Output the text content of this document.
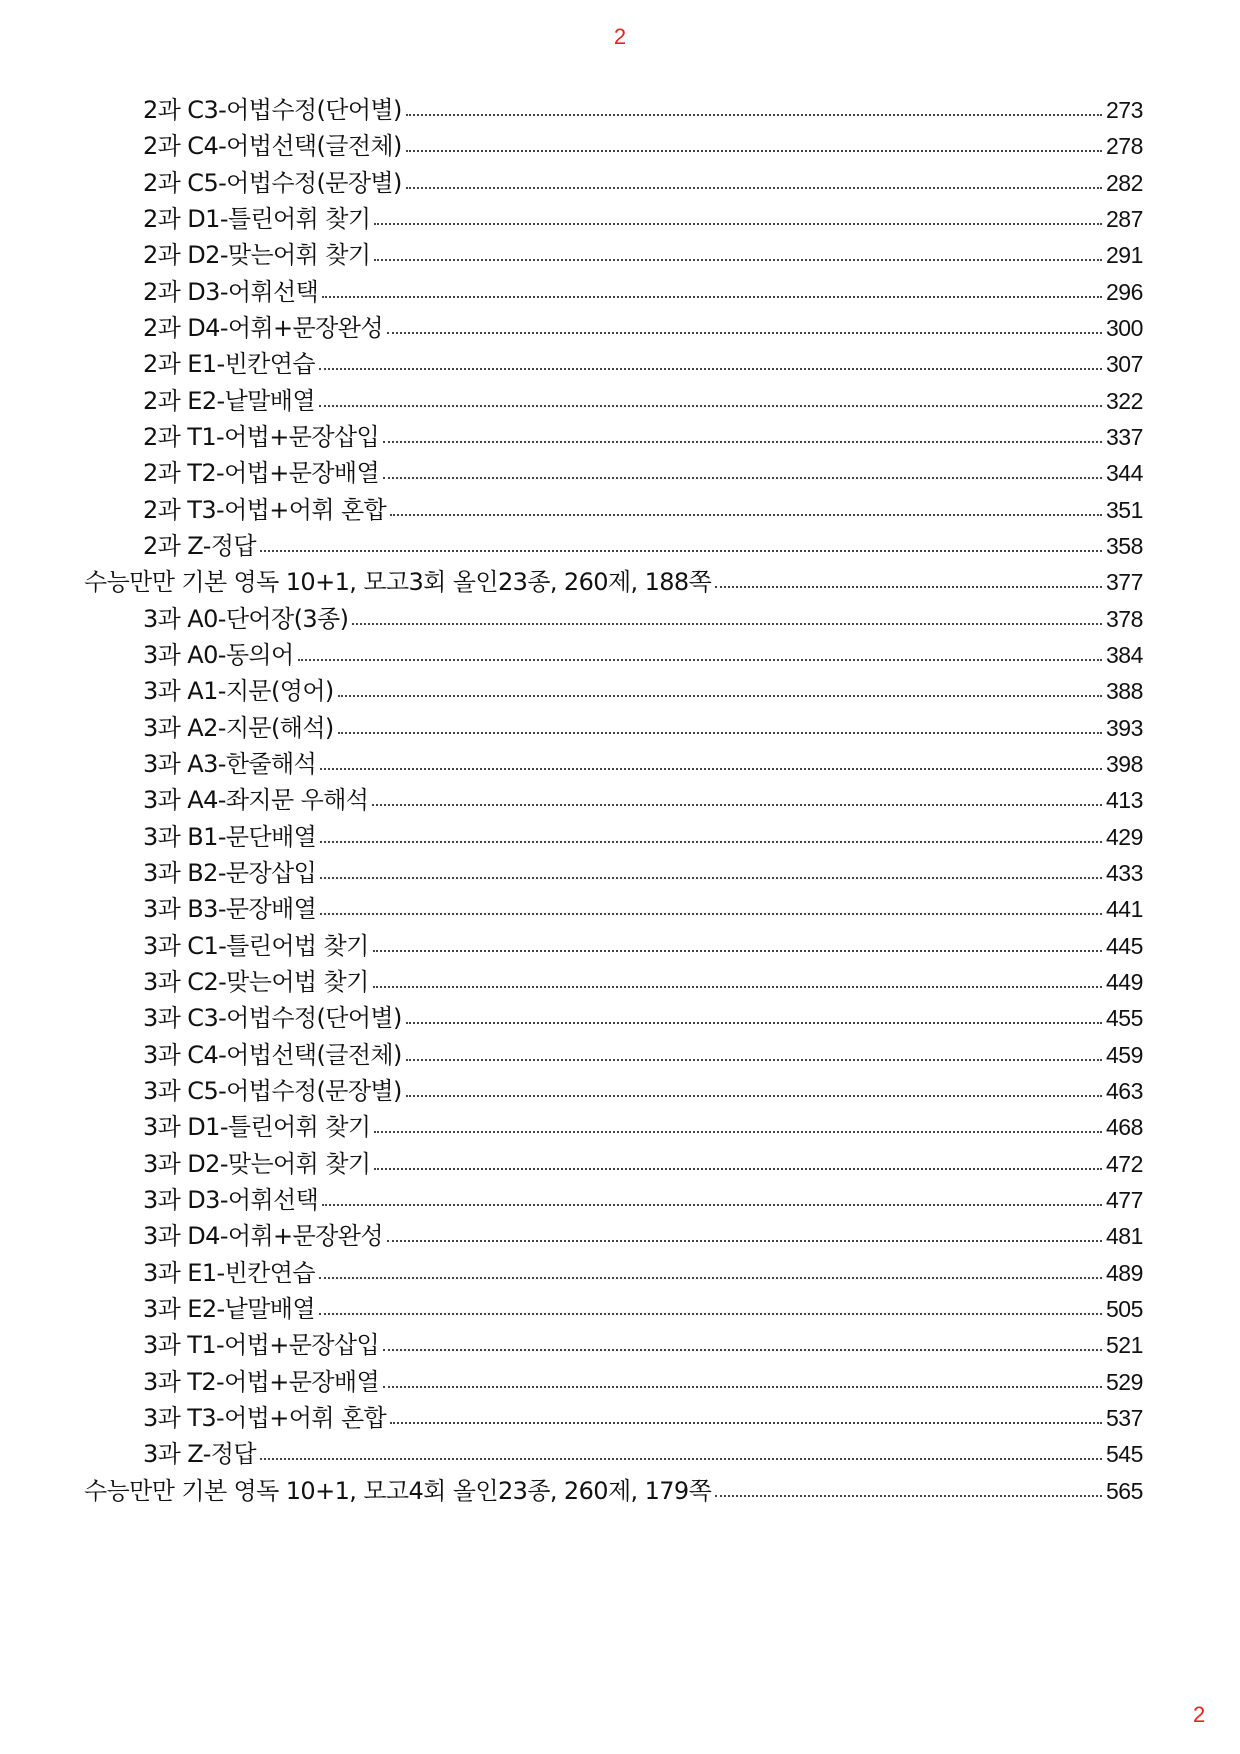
2
2과 C3-어법수정(단어별)	273
2과 C4-어법선택(글전체)	278
2과 C5-어법수정(문장별)	282
2과 D1-틀린어휘 찾기	287
2과 D2-맞는어휘 찾기	291
2과 D3-어휘선택	296
2과 D4-어휘+문장완성	300
2과 E1-빈칸연습	307
2과 E2-낱말배열	322
2과 T1-어법+문장삽입	337
2과 T2-어법+문장배열	344
2과 T3-어법+어휘 혼합	351
2과 Z-정답	358
수능만만 기본 영독 10+1, 모고3회 올인23종, 260제, 188쪽	377
3과 A0-단어장(3종)	378
3과 A0-동의어	384
3과 A1-지문(영어)	388
3과 A2-지문(해석)	393
3과 A3-한줄해석	398
3과 A4-좌지문 우해석	413
3과 B1-문단배열	429
3과 B2-문장삽입	433
3과 B3-문장배열	441
3과 C1-틀린어법 찾기	445
3과 C2-맞는어법 찾기	449
3과 C3-어법수정(단어별)	455
3과 C4-어법선택(글전체)	459
3과 C5-어법수정(문장별)	463
3과 D1-틀린어휘 찾기	468
3과 D2-맞는어휘 찾기	472
3과 D3-어휘선택	477
3과 D4-어휘+문장완성	481
3과 E1-빈칸연습	489
3과 E2-낱말배열	505
3과 T1-어법+문장삽입	521
3과 T2-어법+문장배열	529
3과 T3-어법+어휘 혼합	537
3과 Z-정답	545
수능만만 기본 영독 10+1, 모고4회 올인23종, 260제, 179쪽	565
2
